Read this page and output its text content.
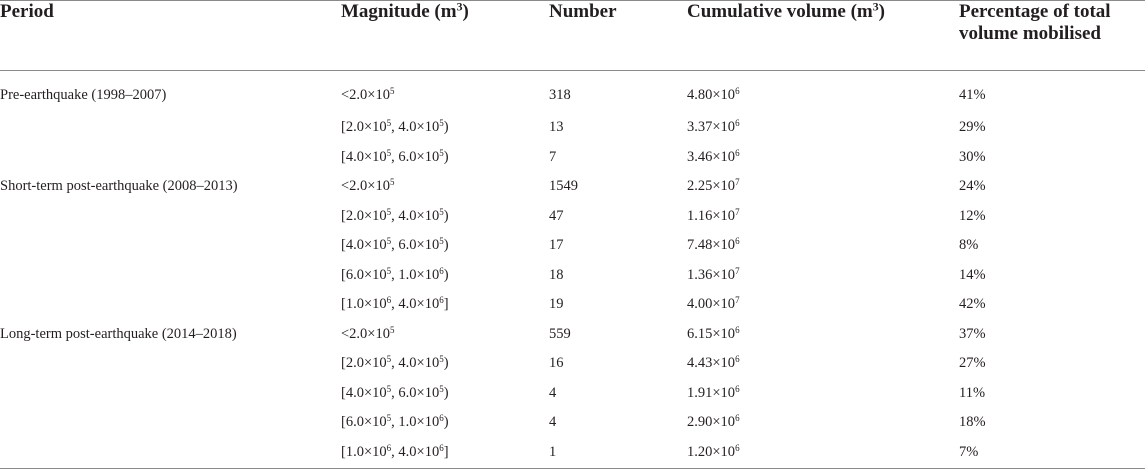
Period	Magnitude $(m^3)$	Number	Cumulative volume $(m^3)$	Percentage of total
volume mobilised
Pre-earthquake (1998–2007)	$<2.0\times 10^5$	318	$4.80\times 10^6$	41%
	[$2.0\times 10^5$, $4.0\times 10^5$)	13	$3.37\times 10^6$	29%
	[$4.0\times 10^5$, $6.0\times 10^5$)	7	$3.46\times 10^6$	30%
Short-term post-earthquake (2008–2013)	$<2.0\times 10^5$	1549	$2.25\times 10^7$	24%
	[$2.0\times 10^5$, $4.0\times 10^5$)	47	$1.16\times 10^7$	12%
	[$4.0\times 10^5$, $6.0\times 10^5$)	17	$7.48\times 10^6$	8%
	[$6.0\times 10^5$, $1.0\times 10^6$)	18	$1.36\times 10^7$	14%
	[$1.0\times 10^6$, $4.0\times 10^6$]	19	$4.00\times 10^7$	42%
Long-term post-earthquake (2014–2018)	$<2.0\times 10^5$	559	$6.15\times 10^6$	37%
	[$2.0\times 10^5$, $4.0\times 10^5$)	16	$4.43\times 10^6$	27%
	[$4.0\times 10^5$, $6.0\times 10^5$)	4	$1.91\times 10^6$	11%
	[$6.0\times 10^5$, $1.0\times 10^6$)	4	$2.90\times 10^6$	18%
	[$1.0\times 10^6$, $4.0\times 10^6$]	1	$1.20\times 10^6$	7%
